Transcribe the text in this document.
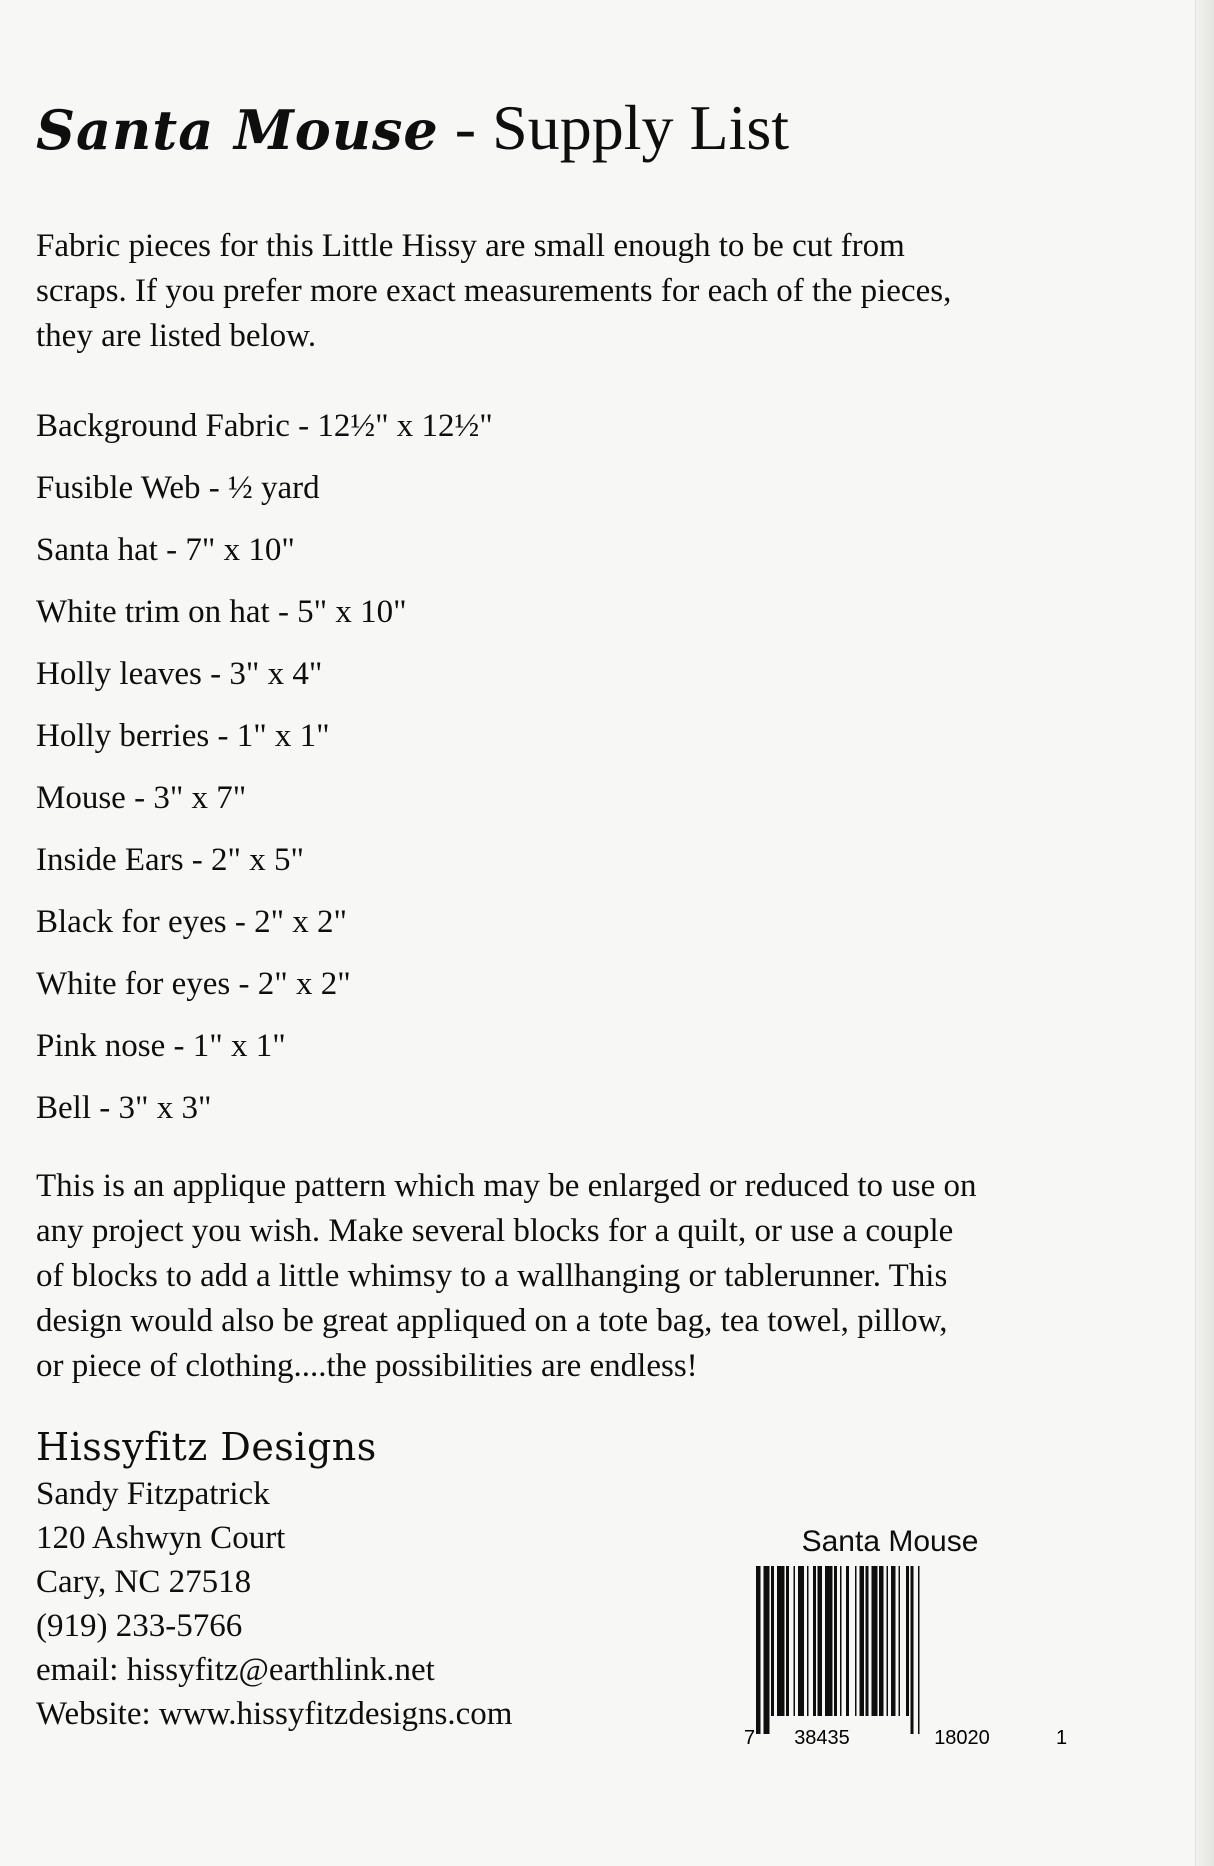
Santa Mouse - Supply List

Fabric pieces for this Little Hissy are small enough to be cut from
scraps. If you prefer more exact measurements for each of the pieces,
they are listed below.

Background Fabric - 12½" x 12½"
Fusible Web - ½ yard
Santa hat - 7" x 10"
White trim on hat - 5" x 10"
Holly leaves - 3" x 4"
Holly berries - 1" x 1"
Mouse - 3" x 7"
Inside Ears - 2" x 5"
Black for eyes - 2" x 2"
White for eyes - 2" x 2"
Pink nose - 1" x 1"
Bell - 3" x 3"

This is an applique pattern which may be enlarged or reduced to use on
any project you wish. Make several blocks for a quilt, or use a couple
of blocks to add a little whimsy to a wallhanging or tablerunner. This
design would also be great appliqued on a tote bag, tea towel, pillow,
or piece of clothing....the possibilities are endless!

Hissyfitz Designs
Sandy Fitzpatrick
120 Ashwyn Court
Cary, NC 27518
(919) 233-5766
email: hissyfitz@earthlink.net
Website: www.hissyfitzdesigns.com
Santa Mouse
7 38435	18020	1
